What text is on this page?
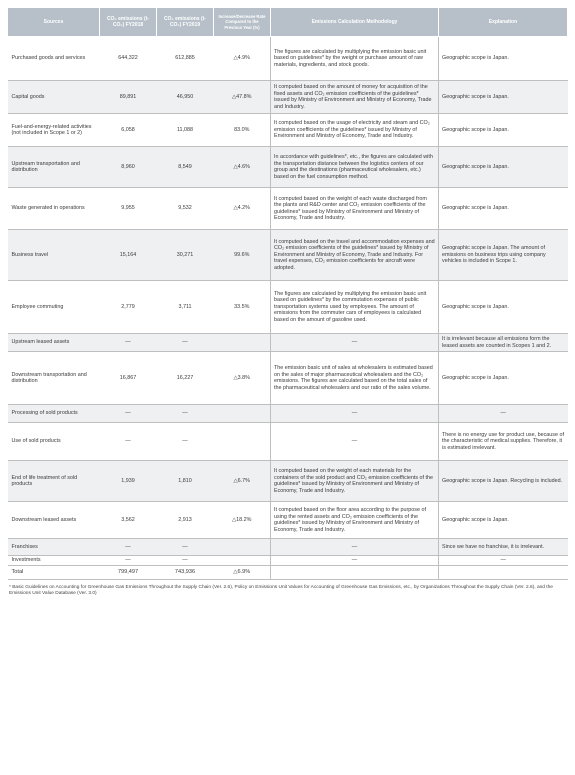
Sources	CO₂ emissions (t-CO₂) FY2018	CO₂ emissions (t-CO₂) FY2019	Increase/Decrease Rate Compared to the Previous Year (%)	Emissions Calculation Methodology	Explanation
Purchased goods and services	644,322	612,885	△4.9%	The figures are calculated by multiplying the emission basic unit based on guidelines* by the weight or purchase amount of raw materials, ingredients, and stock goods.	Geographic scope is Japan.
Capital goods	89,891	46,950	△47.8%	It computed based on the amount of money for acquisition of the fixed assets and CO₂ emission coefficients of the guidelines* issued by Ministry of Environment and Ministry of Economy, Trade and Industry.	Geographic scope is Japan.
Fuel-and-energy-related activities (not included in Scope 1 or 2)	6,058	11,088	83.0%	It computed based on the usage of electricity and steam and CO₂ emission coefficients of the guidelines* issued by Ministry of Environment and Ministry of Economy, Trade and Industry.	Geographic scope is Japan.
Upstream transportation and distribution	8,960	8,549	△4.6%	In accordance with guidelines*, etc., the figures are calculated with the transportation distance between the logistics centers of our group and the destinations (pharmaceutical wholesalers, etc.) based on the fuel consumption method.	Geographic scope is Japan.
Waste generated in operations	9,955	9,532	△4.2%	It computed based on the weight of each waste discharged from the plants and R&D center and CO₂ emission coefficients of the guidelines* issued by Ministry of Environment and Ministry of Economy, Trade and Industry.	Geographic scope is Japan.
Business travel	15,164	30,271	99.6%	It computed based on the travel and accommodation expenses and CO₂ emission coefficients of the guidelines* issued by Ministry of Environment and Ministry of Economy, Trade and Industry. For travel expenses, CO₂ emission coefficients for aircraft were adopted.	Geographic scope is Japan. The amount of emissions on business trips using company vehicles is included in Scope 1.
Employee commuting	2,779	3,711	33.5%	The figures are calculated by multiplying the emission basic unit based on guidelines* by the commutation expenses of public transportation systems used by employees. The amount of emissions from the commuter cars of employees is calculated based on the amount of gasoline used.	Geographic scope is Japan.
Upstream leased assets	—	—		—	It is irrelevant because all emissions form the leased assets are counted in Scopes 1 and 2.
Downstream transportation and distribution	16,867	16,227	△3.8%	The emission basic unit of sales at wholesalers is estimated based on the sales of major pharmaceutical wholesalers and the CO₂ emissions. The figures are calculated based on the total sales of the pharmaceutical wholesalers and our ratio of the sales volume.	Geographic scope is Japan.
Processing of sold products	—	—		—	—
Use of sold products	—	—		—	There is no energy use for product use, because of the characteristic of medical supplies. Therefore, it is estimated irrelevant.
End of life treatment of sold products	1,939	1,810	△6.7%	It computed based on the weight of each materials for the containers of the sold product and CO₂ emission coefficients of the guidelines* issued by Ministry of Environment and Ministry of Economy, Trade and Industry.	Geographic scope is Japan. Recycling is included.
Downstream leased assets	3,562	2,913	△18.2%	It computed based on the floor area according to the purpose of using the rented assets and CO₂ emission coefficients of the guidelines* issued by Ministry of Environment and Ministry of Economy, Trade and Industry.	Geographic scope is Japan.
Franchises	—	—		—	Since we have no franchise, it is irrelevant.
Investments	—	—		—	—
Total	799,497	743,936	△6.9%		
* Basic Guidelines on Accounting for Greenhouse Gas Emissions Throughout the Supply Chain (Ver. 2.6), Policy on Emissions Unit Values for Accounting of Greenhouse Gas Emissions, etc., by Organizations Throughout the Supply Chain (Ver. 2.6), and the Emissions Unit Value Database (Ver. 3.0)
